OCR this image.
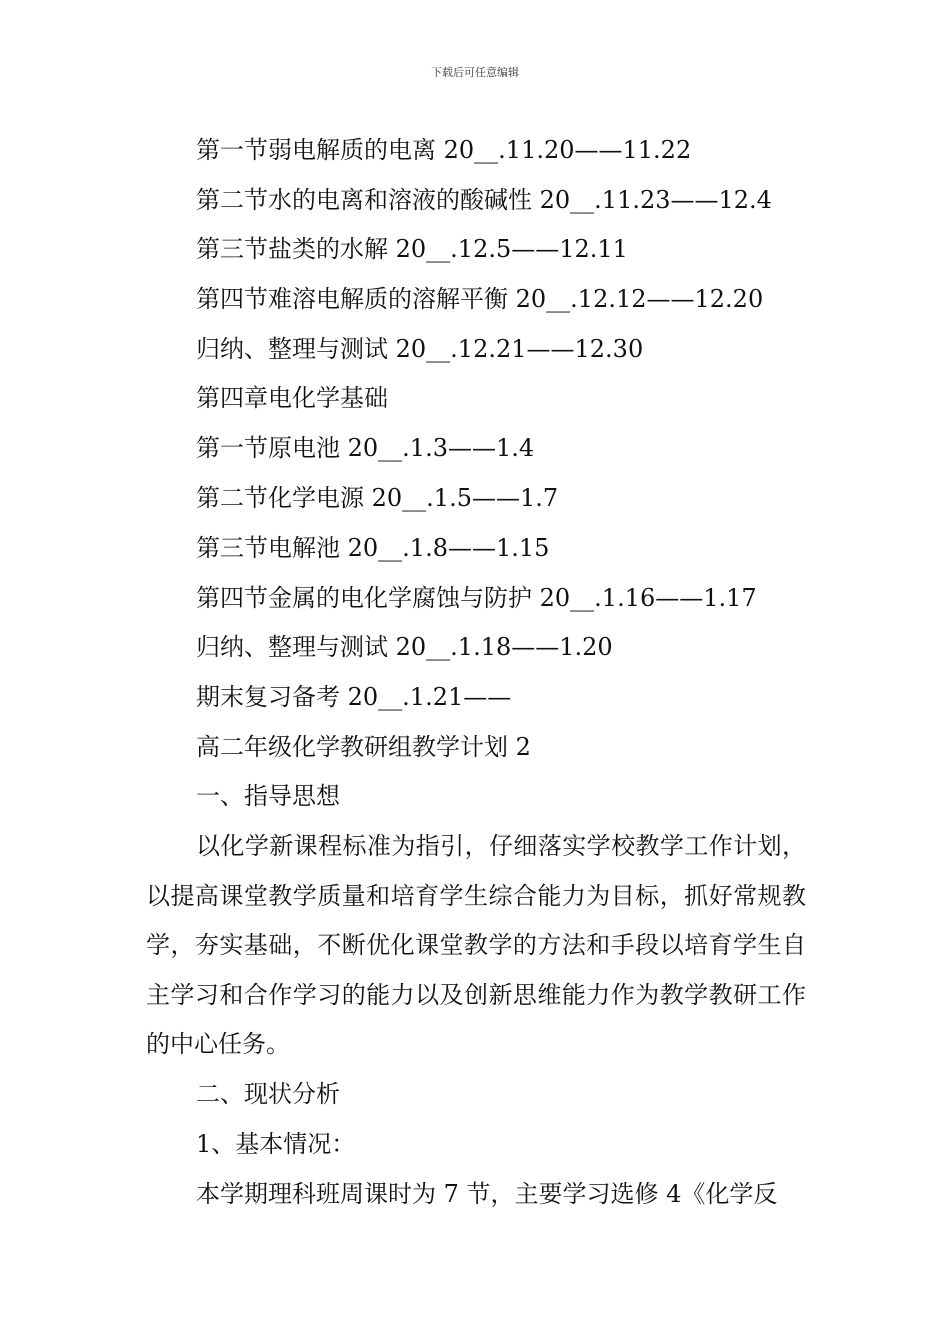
下载后可任意编辑
第一节弱电解质的电离 20__.11.20——11.22
第二节水的电离和溶液的酸碱性 20__.11.23——12.4
第三节盐类的水解 20__.12.5——12.11
第四节难溶电解质的溶解平衡 20__.12.12——12.20
归纳、整理与测试 20__.12.21——12.30
第四章电化学基础
第一节原电池 20__.1.3——1.4
第二节化学电源 20__.1.5——1.7
第三节电解池 20__.1.8——1.15
第四节金属的电化学腐蚀与防护 20__.1.16——1.17
归纳、整理与测试 20__.1.18——1.20
期末复习备考 20__.1.21——
高二年级化学教研组教学计划 2
一、指导思想
以化学新课程标准为指引，仔细落实学校教学工作计划，以提高课堂教学质量和培育学生综合能力为目标，抓好常规教学，夯实基础，不断优化课堂教学的方法和手段以培育学生自主学习和合作学习的能力以及创新思维能力作为教学教研工作的中心任务。
二、现状分析
1、基本情况：
本学期理科班周课时为 7 节，主要学习选修 4《化学反
